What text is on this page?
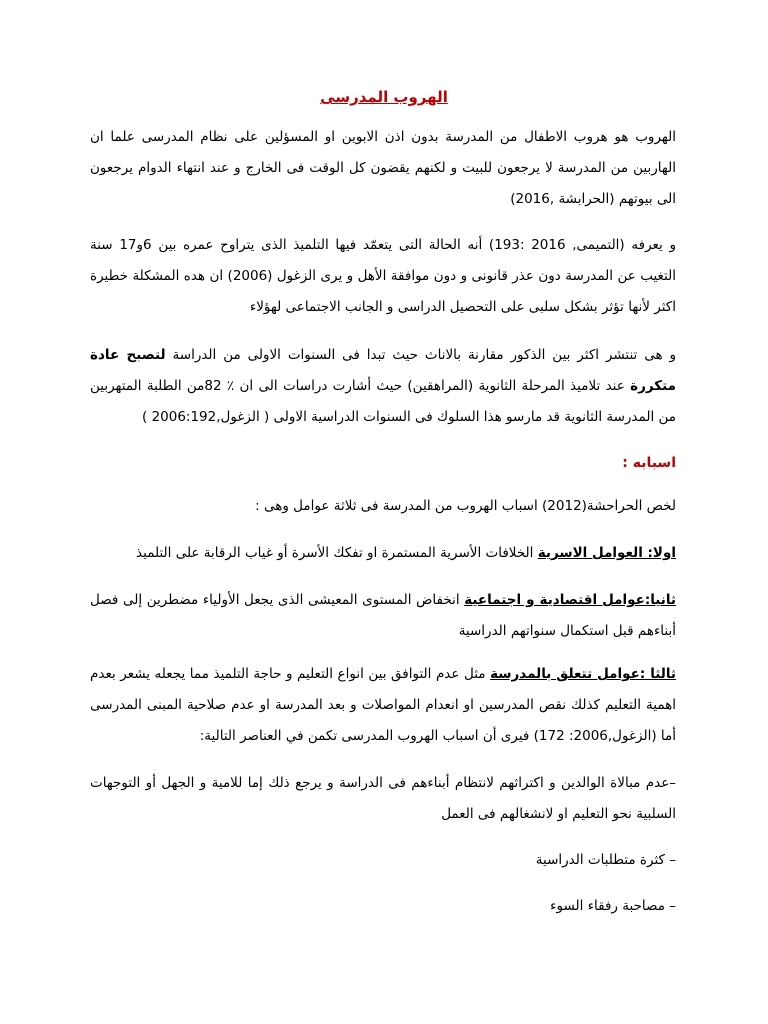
الهروب المدرسى

الهروب هو هروب الاطفال من المدرسة بدون اذن الابوين او المسؤلين على نظام المدرسى علما ان الهاربين من المدرسة لا يرجعون للبيت و لكنهم يقضون كل الوقت فى الخارج و عند انتهاء الدوام يرجعون الى بيوتهم (الحرابشة ,2016)

و يعرفه (التميمى, 2016 :193) أنه الحالة التى يتعمّد فيها التلميذ الذى يتراوح عمره بين 6و17 سنة التغيب عن المدرسة دون عذر قانونى و دون موافقة الأهل و يرى الزغول (2006) ان هده المشكلة خطيرة اكثر لأنها تؤثر بشكل سلبى على التحصيل الدراسى و الجانب الاجتماعى لهؤلاء

و هى تنتشر اكثر بين الذكور مقارنة بالاناث حيث تبدا فى السنوات الاولى من الدراسة لتصبح عادة متكررة عند تلاميذ المرحلة الثانوية (المراهقين) حيث أشارت دراسات الى ان ٪ 82من الطلبة المتهربين من المدرسة الثانوية قد مارسو هذا السلوك فى السنوات الدراسية الاولى ( الزغول,2006:192 )

اسبابه :
لخص الحراحشة(2012) اسباب الهروب من المدرسة فى ثلاثة عوامل وهى :

اولا: العوامل الاسرية الخلافات الأسرية المستمرة او تفكك الأسرة أو غياب الرقابة على التلميذ

ثانيا:عوامل اقتصادية و اجتماعية انخفاض المستوى المعيشى الذى يجعل الأولياء مضطرين إلى فصل أبناءهم قبل استكمال سنواتهم الدراسية

ثالثا :عوامل تتعلق بالمدرسة مثل عدم التوافق بين انواع التعليم و حاجة التلميذ مما يجعله يشعر بعدم اهمية التعليم كذلك نقص المدرسين او انعدام المواصلات و بعد المدرسة او عدم صلاحية المبنى المدرسى أما (الزغول,2006: 172) فيرى أن اسباب الهروب المدرسى تكمن في العناصر التالية:

–عدم مبالاة الوالدين و اكتراثهم لانتظام أبناءهم فى الدراسة و يرجع ذلك إما للامية و الجهل أو التوجهات السلبية نحو التعليم او لانشغالهم فى العمل

– كثرة متطلبات الدراسية
– مصاحبة رفقاء السوء
